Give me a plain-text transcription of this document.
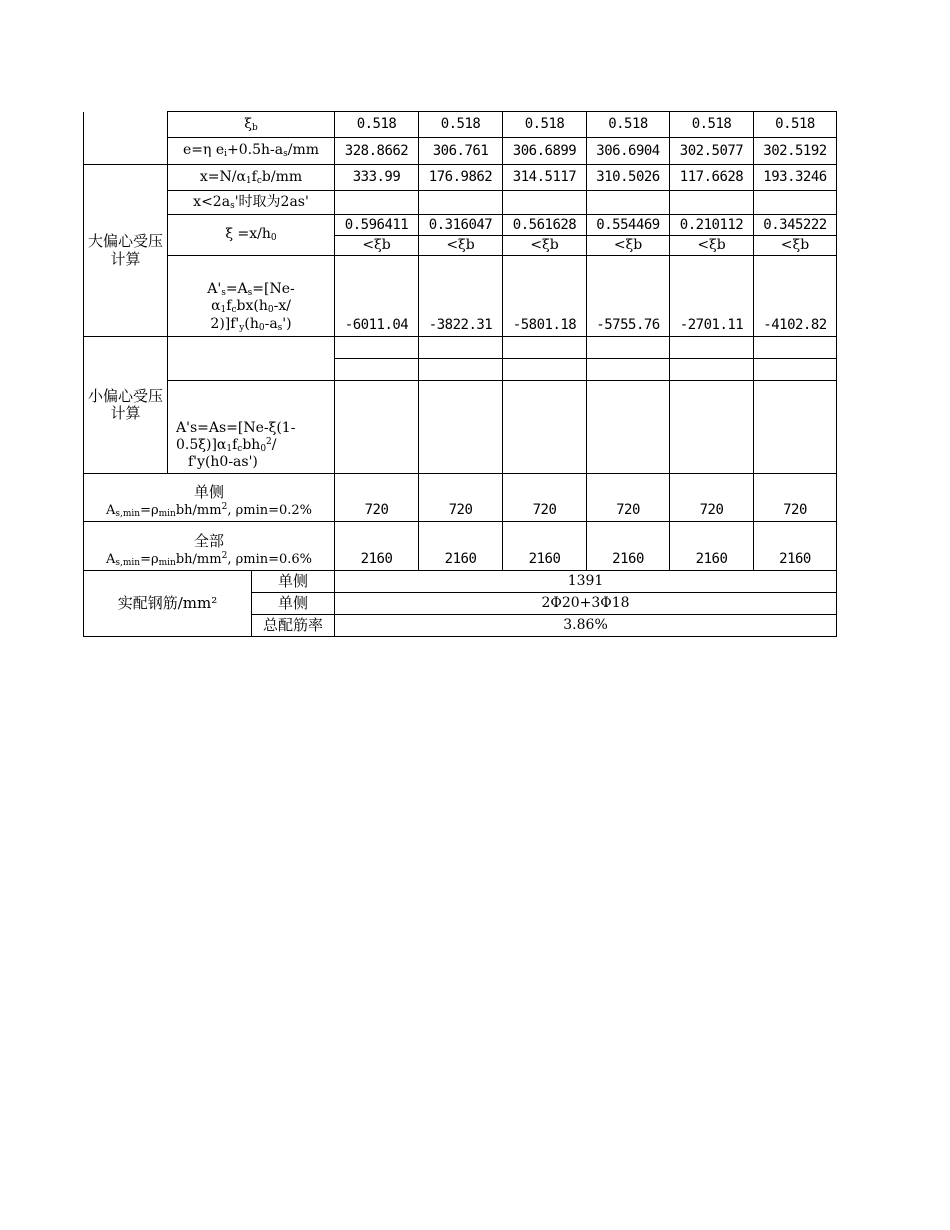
	$\xi_b$		0.518	0.518	0.518	0.518	0.518	0.518
	e=η $e_i+0.5h-a_s/mm$		328.8662	306.761	306.6899	306.6904	302.5077	302.5192
大偏心受压计算	$x=N/\alpha_1f_cb/mm$		333.99	176.9862	314.5117	310.5026	117.6628	193.3246
	$x<2a_s'$时取为2as'							
	$\xi =x/h_0$		0.596411	0.316047	0.561628	0.554469	0.210112	0.345222
			<ξb	<ξb	<ξb	<ξb	<ξb	<ξb

	$A'_s=A_s=[Ne-$
$\alpha_1f_cbx(h_0-x/$
$2)]f'_y(h_0-a_s')$		-6011.04	-3822.31	-5801.18	-5755.76	-2701.11	-4102.82
小偏心受压计算								

	A's=As=[Ne-ξ(1-
$0.5\xi)]\alpha_1f_cbh_0^2/$
f'y(h0-as')							

单侧
$A_{s,min}=\rho_{min}bh/mm^2$, ρmin=0.2%			720	720	720	720	720	720

全部
$A_{s,min}=\rho_{min}bh/mm^2$, ρmin=0.6%			2160	2160	2160	2160	2160	2160
实配钢筋/mm²		单侧	1391					
		单侧	2Φ20+3Φ18					
		总配筋率	3.86%					
